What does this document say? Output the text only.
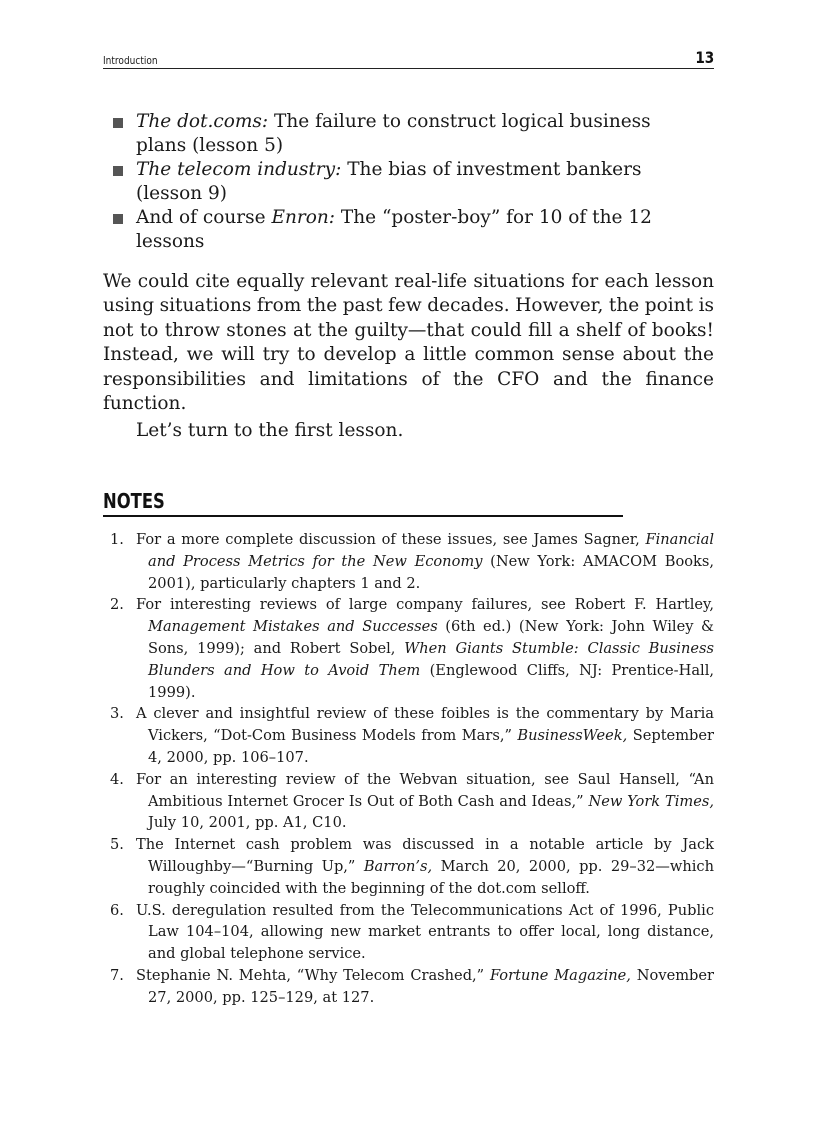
Introduction	13
The dot.coms: The failure to construct logical business plans (lesson 5)
The telecom industry: The bias of investment bankers (lesson 9)
And of course Enron: The “poster-boy” for 10 of the 12 lessons

We could cite equally relevant real-life situations for each lesson using situations from the past few decades. However, the point is not to throw stones at the guilty—that could fill a shelf of books! Instead, we will try to develop a little common sense about the responsibilities and limitations of the CFO and the finance function.

Let’s turn to the first lesson.

NOTES
1. For a more complete discussion of these issues, see James Sagner, Financial and Process Metrics for the New Economy (New York: AMACOM Books, 2001), particularly chapters 1 and 2.
2. For interesting reviews of large company failures, see Robert F. Hartley, Management Mistakes and Successes (6th ed.) (New York: John Wiley & Sons, 1999); and Robert Sobel, When Giants Stumble: Classic Business Blunders and How to Avoid Them (Englewood Cliffs, NJ: Prentice-Hall, 1999).
3. A clever and insightful review of these foibles is the commentary by Maria Vickers, “Dot-Com Business Models from Mars,” BusinessWeek, September 4, 2000, pp. 106–107.
4. For an interesting review of the Webvan situation, see Saul Hansell, “An Ambitious Internet Grocer Is Out of Both Cash and Ideas,” New York Times, July 10, 2001, pp. A1, C10.
5. The Internet cash problem was discussed in a notable article by Jack Willoughby—“Burning Up,” Barron’s, March 20, 2000, pp. 29–32—which roughly coincided with the beginning of the dot.com selloff.
6. U.S. deregulation resulted from the Telecommunications Act of 1996, Public Law 104–104, allowing new market entrants to offer local, long distance, and global telephone service.
7. Stephanie N. Mehta, “Why Telecom Crashed,” Fortune Magazine, November 27, 2000, pp. 125–129, at 127.
